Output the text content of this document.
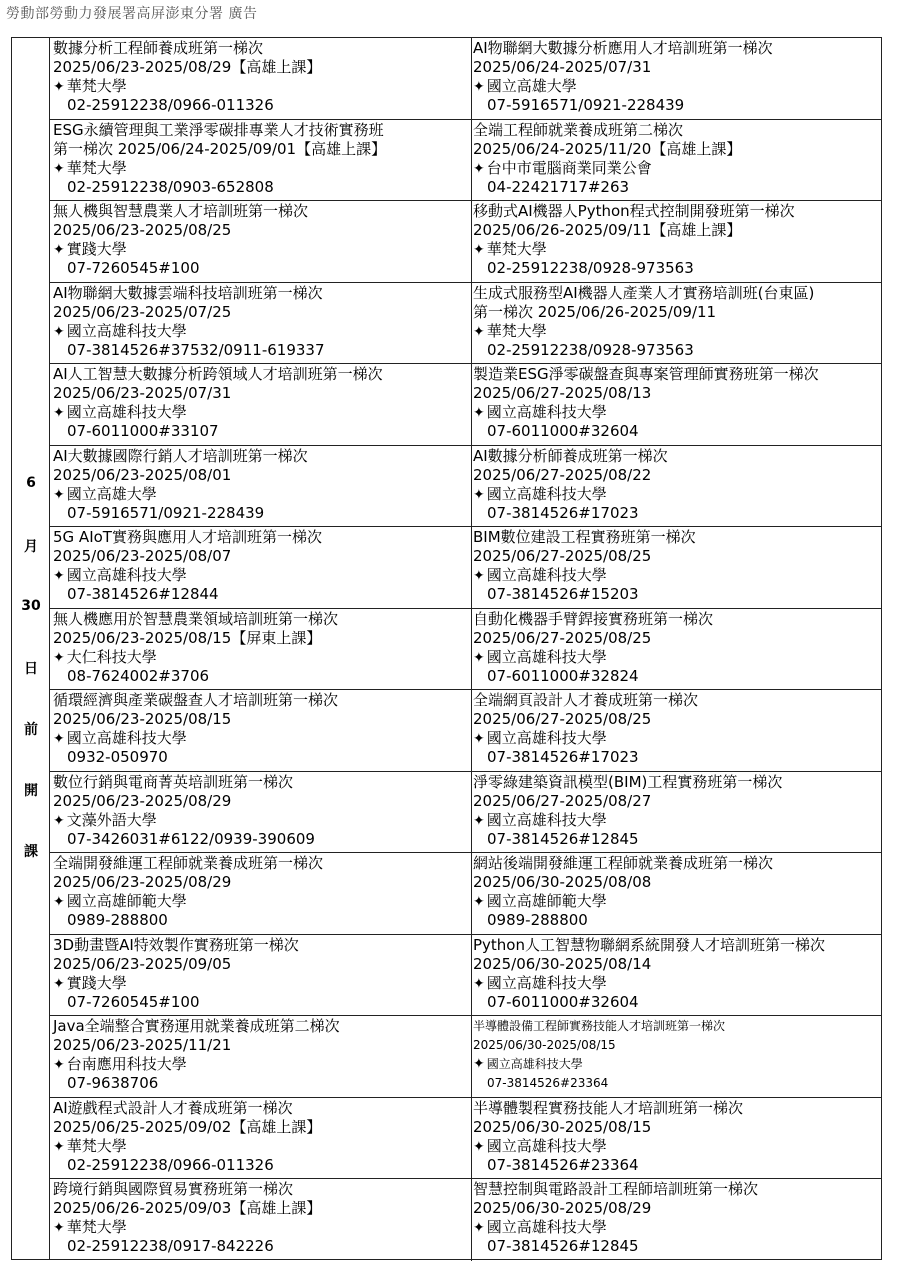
勞動部勞動力發展署高屏澎東分署 廣告
6
月
30
日
前
開
課
數據分析工程師養成班第一梯次
2025/06/23-2025/08/29【高雄上課】
✦ 華梵大學
02-25912238/0966-011326
AI物聯網大數據分析應用人才培訓班第一梯次
2025/06/24-2025/07/31
✦ 國立高雄大學
07-5916571/0921-228439
ESG永續管理與工業淨零碳排專業人才技術實務班
第一梯次 2025/06/24-2025/09/01【高雄上課】
✦ 華梵大學
02-25912238/0903-652808
全端工程師就業養成班第二梯次
2025/06/24-2025/11/20【高雄上課】
✦ 台中市電腦商業同業公會
04-22421717#263
無人機與智慧農業人才培訓班第一梯次
2025/06/23-2025/08/25
✦ 實踐大學
07-7260545#100
移動式AI機器人Python程式控制開發班第一梯次
2025/06/26-2025/09/11【高雄上課】
✦ 華梵大學
02-25912238/0928-973563
AI物聯網大數據雲端科技培訓班第一梯次
2025/06/23-2025/07/25
✦ 國立高雄科技大學
07-3814526#37532/0911-619337
生成式服務型AI機器人產業人才實務培訓班(台東區)
第一梯次 2025/06/26-2025/09/11
✦ 華梵大學
02-25912238/0928-973563
AI人工智慧大數據分析跨領域人才培訓班第一梯次
2025/06/23-2025/07/31
✦ 國立高雄科技大學
07-6011000#33107
製造業ESG淨零碳盤查與專案管理師實務班第一梯次
2025/06/27-2025/08/13
✦ 國立高雄科技大學
07-6011000#32604
AI大數據國際行銷人才培訓班第一梯次
2025/06/23-2025/08/01
✦ 國立高雄大學
07-5916571/0921-228439
AI數據分析師養成班第一梯次
2025/06/27-2025/08/22
✦ 國立高雄科技大學
07-3814526#17023
5G AIoT實務與應用人才培訓班第一梯次
2025/06/23-2025/08/07
✦ 國立高雄科技大學
07-3814526#12844
BIM數位建設工程實務班第一梯次
2025/06/27-2025/08/25
✦ 國立高雄科技大學
07-3814526#15203
無人機應用於智慧農業領域培訓班第一梯次
2025/06/23-2025/08/15【屏東上課】
✦ 大仁科技大學
08-7624002#3706
自動化機器手臂銲接實務班第一梯次
2025/06/27-2025/08/25
✦ 國立高雄科技大學
07-6011000#32824
循環經濟與產業碳盤查人才培訓班第一梯次
2025/06/23-2025/08/15
✦ 國立高雄科技大學
0932-050970
全端網頁設計人才養成班第一梯次
2025/06/27-2025/08/25
✦ 國立高雄科技大學
07-3814526#17023
數位行銷與電商菁英培訓班第一梯次
2025/06/23-2025/08/29
✦ 文藻外語大學
07-3426031#6122/0939-390609
淨零綠建築資訊模型(BIM)工程實務班第一梯次
2025/06/27-2025/08/27
✦ 國立高雄科技大學
07-3814526#12845
全端開發維運工程師就業養成班第一梯次
2025/06/23-2025/08/29
✦ 國立高雄師範大學
0989-288800
網站後端開發維運工程師就業養成班第一梯次
2025/06/30-2025/08/08
✦ 國立高雄師範大學
0989-288800
3D動畫暨AI特效製作實務班第一梯次
2025/06/23-2025/09/05
✦ 實踐大學
07-7260545#100
Python人工智慧物聯網系統開發人才培訓班第一梯次
2025/06/30-2025/08/14
✦ 國立高雄科技大學
07-6011000#32604
Java全端整合實務運用就業養成班第二梯次
2025/06/23-2025/11/21
✦ 台南應用科技大學
07-9638706
半導體設備工程師實務技能人才培訓班第一梯次
2025/06/30-2025/08/15
✦ 國立高雄科技大學
07-3814526#23364
AI遊戲程式設計人才養成班第一梯次
2025/06/25-2025/09/02【高雄上課】
✦ 華梵大學
02-25912238/0966-011326
半導體製程實務技能人才培訓班第一梯次
2025/06/30-2025/08/15
✦ 國立高雄科技大學
07-3814526#23364
跨境行銷與國際貿易實務班第一梯次
2025/06/26-2025/09/03【高雄上課】
✦ 華梵大學
02-25912238/0917-842226
智慧控制與電路設計工程師培訓班第一梯次
2025/06/30-2025/08/29
✦ 國立高雄科技大學
07-3814526#12845
